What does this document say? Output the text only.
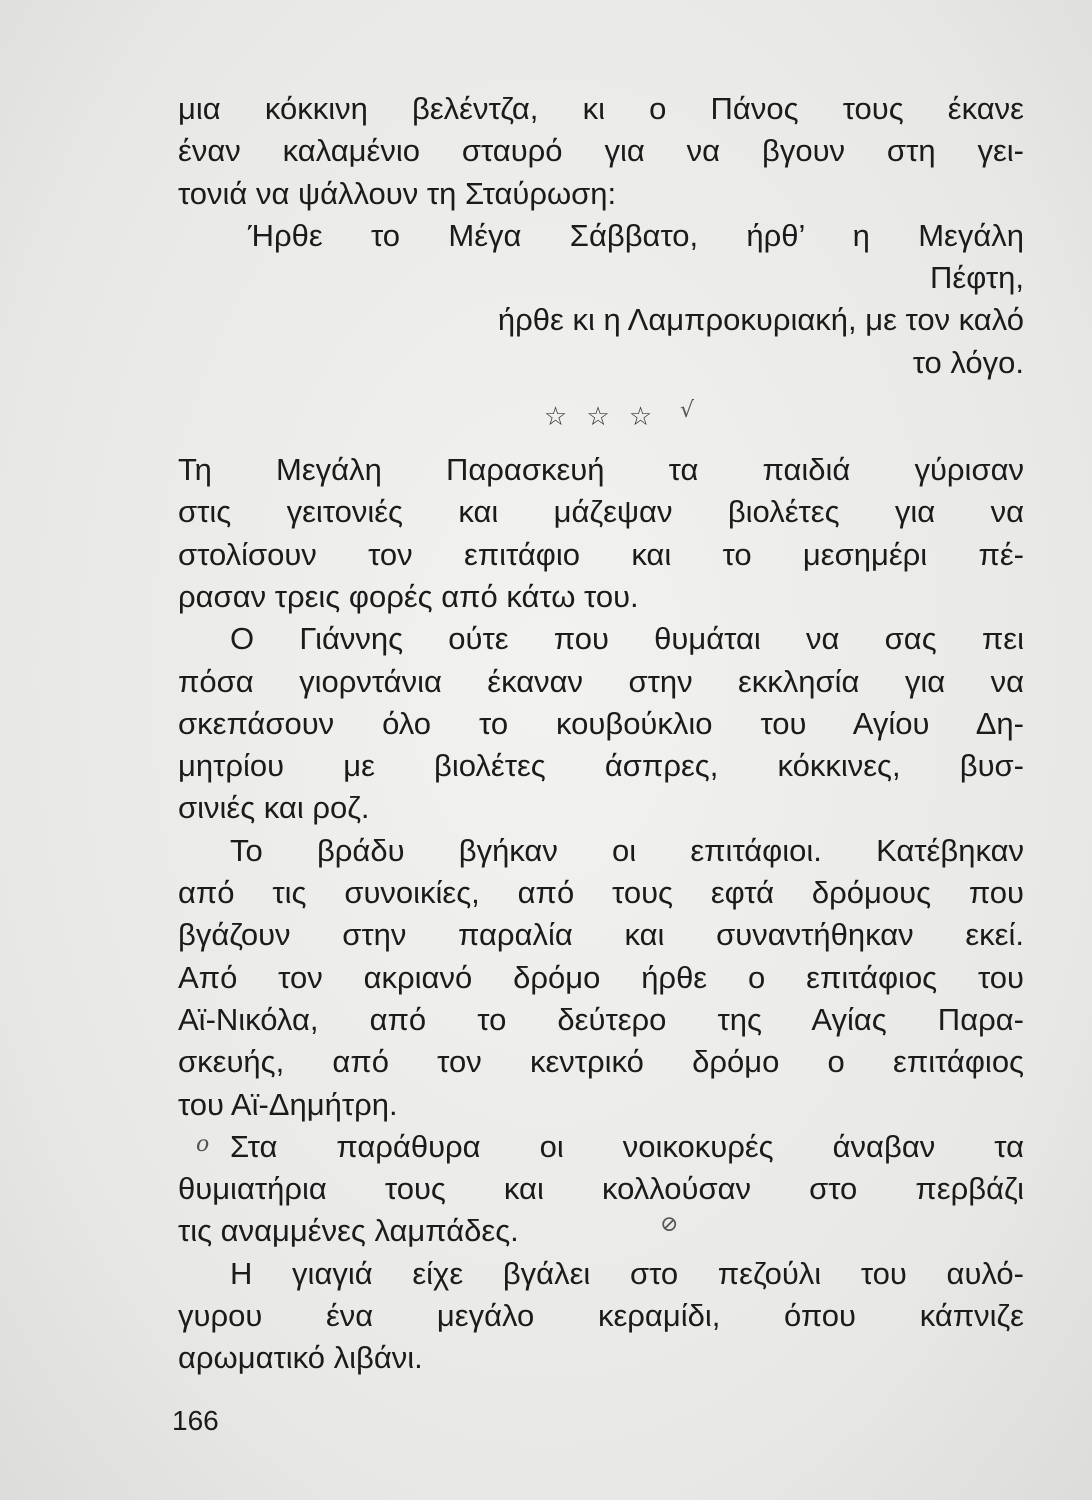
μια κόκκινη βελέντζα, κι ο Πάνος τους έκανε
έναν καλαμένιο σταυρό για να βγουν στη γει-
τονιά να ψάλλουν τη Σταύρωση:
Ήρθε το Μέγα Σάββατο, ήρθ’ η Μεγάλη
Πέφτη,
ήρθε κι η Λαμπροκυριακή, με τον καλό
το λόγο.
☆ ☆ ☆
Τη Μεγάλη Παρασκευή τα παιδιά γύρισαν
στις γειτονιές και μάζεψαν βιολέτες για να
στολίσουν τον επιτάφιο και το μεσημέρι πέ-
ρασαν τρεις φορές από κάτω του.
Ο Γιάννης ούτε που θυμάται να σας πει
πόσα γιορντάνια έκαναν στην εκκλησία για να
σκεπάσουν όλο το κουβούκλιο του Αγίου Δη-
μητρίου με βιολέτες άσπρες, κόκκινες, βυσ-
σινιές και ροζ.
Το βράδυ βγήκαν οι επιτάφιοι. Κατέβηκαν
από τις συνοικίες, από τους εφτά δρόμους που
βγάζουν στην παραλία και συναντήθηκαν εκεί.
Από τον ακριανό δρόμο ήρθε ο επιτάφιος του
Αϊ-Νικόλα, από το δεύτερο της Αγίας Παρα-
σκευής, από τον κεντρικό δρόμο ο επιτάφιος
του Αϊ-Δημήτρη.
Στα παράθυρα οι νοικοκυρές άναβαν τα
θυμιατήρια τους και κολλούσαν στο περβάζι
τις αναμμένες λαμπάδες.
Η γιαγιά είχε βγάλει στο πεζούλι του αυλό-
γυρου ένα μεγάλο κεραμίδι, όπου κάπνιζε
αρωματικό λιβάνι.
√
o
⊘
166
